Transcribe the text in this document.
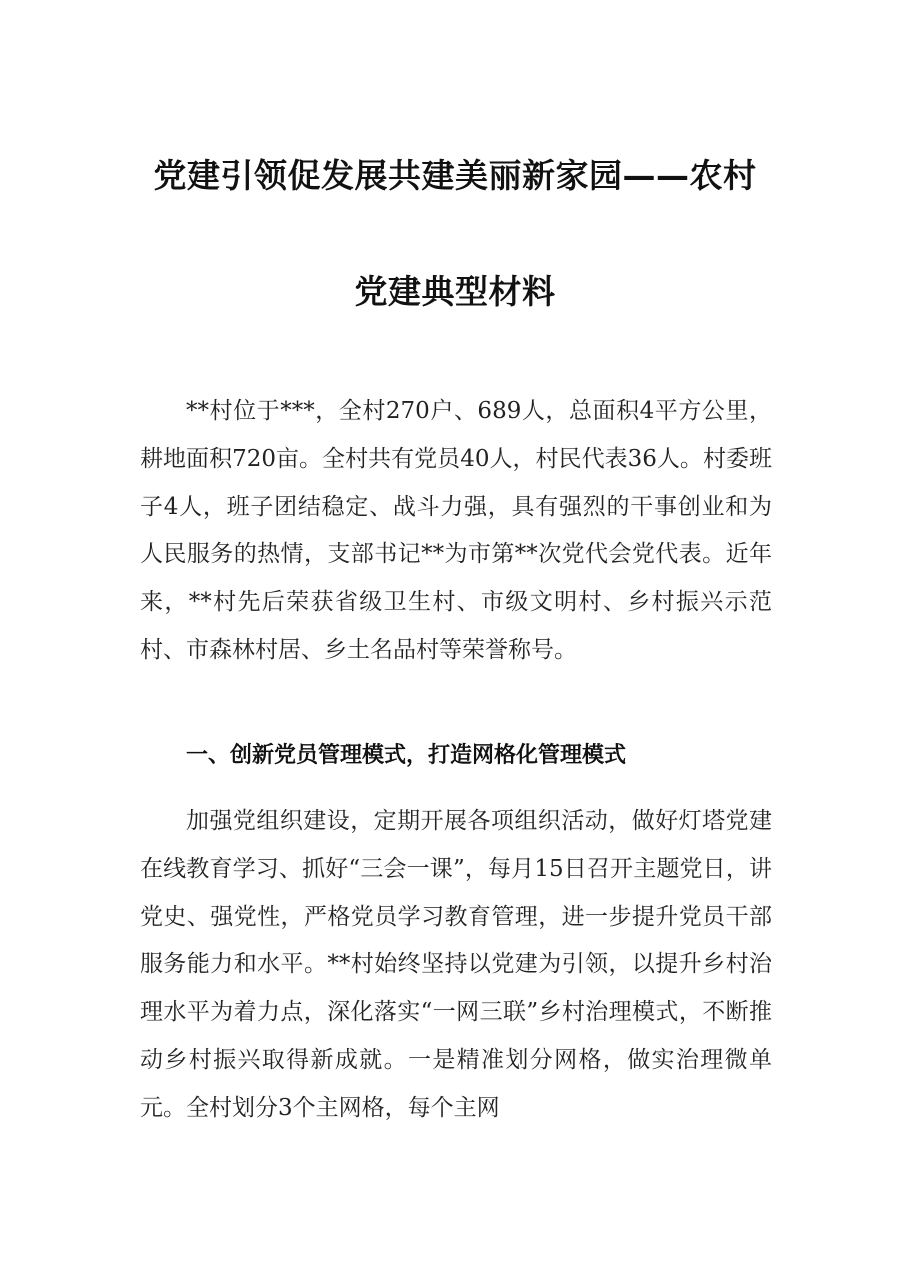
党建引领促发展共建美丽新家园——农村
党建典型材料

**村位于***，全村270户、689人，总面积4平方公里，耕地面积720亩。全村共有党员40人，村民代表36人。村委班子4人，班子团结稳定、战斗力强，具有强烈的干事创业和为人民服务的热情，支部书记**为市第**次党代会党代表。近年来，**村先后荣获省级卫生村、市级文明村、乡村振兴示范村、市森林村居、乡土名品村等荣誉称号。

一、创新党员管理模式，打造网格化管理模式

加强党组织建设，定期开展各项组织活动，做好灯塔党建在线教育学习、抓好“三会一课”，每月15日召开主题党日，讲党史、强党性，严格党员学习教育管理，进一步提升党员干部服务能力和水平。**村始终坚持以党建为引领，以提升乡村治理水平为着力点，深化落实“一网三联”乡村治理模式，不断推动乡村振兴取得新成就。一是精准划分网格，做实治理微单元。全村划分3个主网格，每个主网
